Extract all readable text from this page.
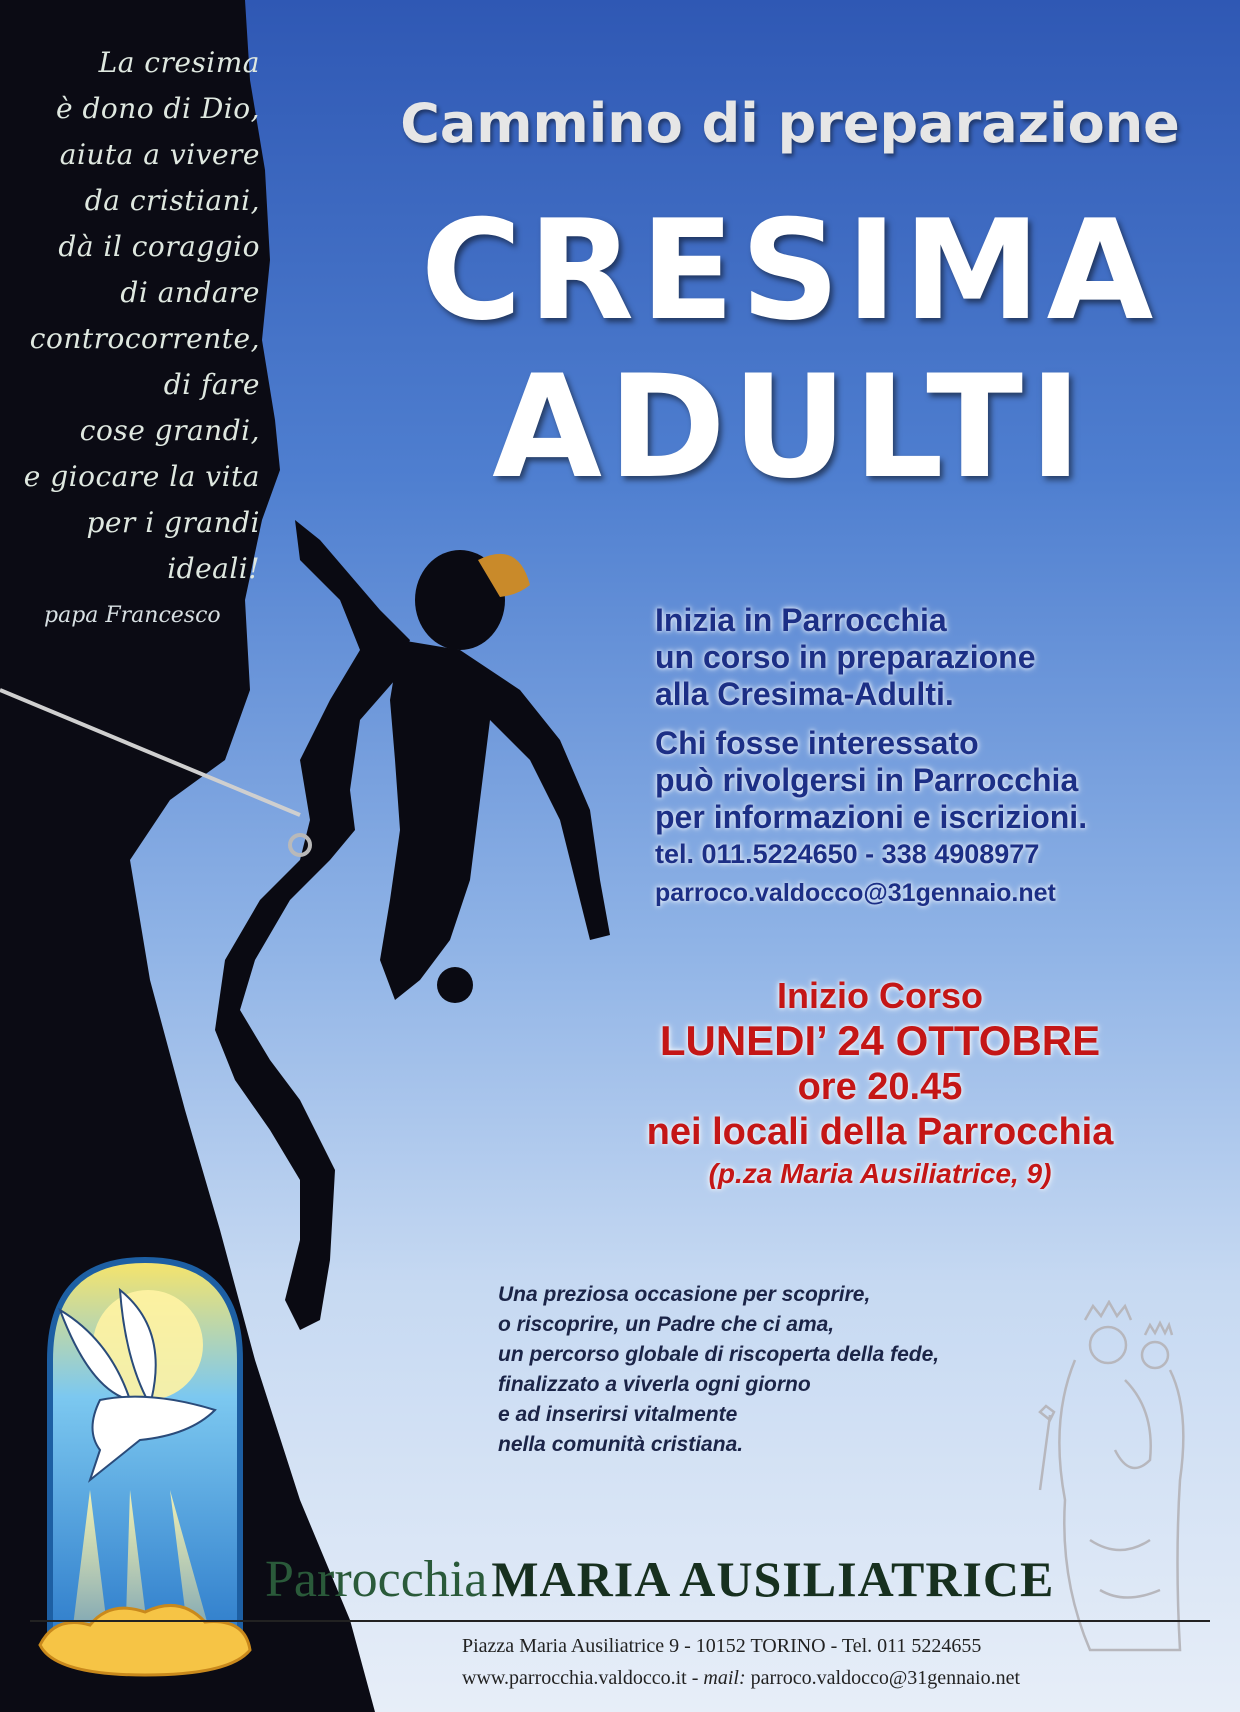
La cresima
è dono di Dio,
aiuta a vivere
da cristiani,
dà il coraggio
di andare
controcorrente,
di fare
cose grandi,
e giocare la vita
per i grandi
ideali!
papa Francesco
Cammino di preparazione
CRESIMA
ADULTI
Inizia in Parrocchia
un corso in preparazione
alla Cresima-Adulti.
Chi fosse interessato
può rivolgersi in Parrocchia
per informazioni e iscrizioni.
tel. 011.5224650 - 338 4908977
parroco.valdocco@31gennaio.net
Inizio Corso
LUNEDI’ 24 OTTOBRE
ore 20.45
nei locali della Parrocchia
(p.za Maria Ausiliatrice, 9)
Una preziosa occasione per scoprire,
o riscoprire, un Padre che ci ama,
un percorso globale di riscoperta della fede,
finalizzato a viverla ogni giorno
e ad inserirsi vitalmente
nella comunità cristiana.
Parrocchia MARIA AUSILIATRICE
Piazza Maria Ausiliatrice 9 - 10152 TORINO - Tel. 011 5224655
www.parrocchia.valdocco.it - mail: parroco.valdocco@31gennaio.net
